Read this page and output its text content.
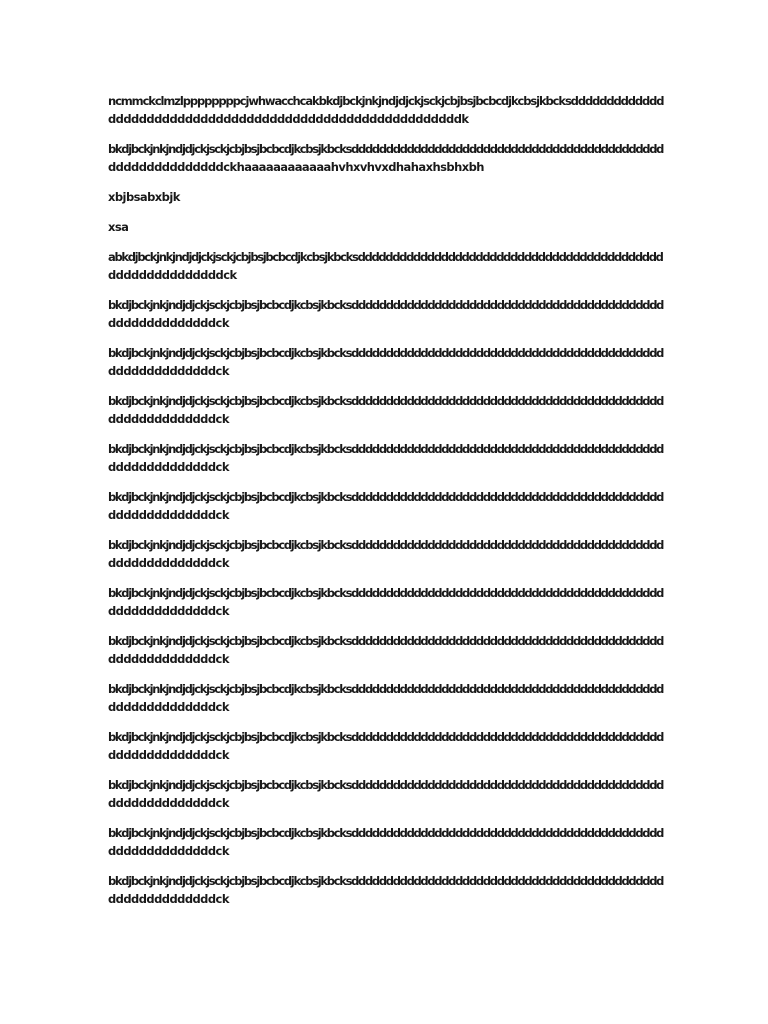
ncmmckclmzlppppppppcjwhwacchcakbkdjbckjnkjndjdjckjsckjcbjbsjbcbcdjkcbsjkbcksddddddddddddd
ddddddddddddddddddddddddddddddddddddddddddddddk

bkdjbckjnkjndjdjckjsckjcbjbsjbcbcdjkcbsjkbcksddddddddddddddddddddddddddddddddddddddddddddd
dddddddddddddddckhaaaaaaaaaaaahvhxvhvxdhahaxhsbhxbh

xbjbsabxbjk

xsa

abkdjbckjnkjndjdjckjsckjcbjbsjbcbcdjkcbsjkbcksdddddddddddddddddddddddddddddddddddddddddddd
dddddddddddddddck

bkdjbckjnkjndjdjckjsckjcbjbsjbcbcdjkcbsjkbcksddddddddddddddddddddddddddddddddddddddddddddd
ddddddddddddddck

bkdjbckjnkjndjdjckjsckjcbjbsjbcbcdjkcbsjkbcksddddddddddddddddddddddddddddddddddddddddddddd
ddddddddddddddck

bkdjbckjnkjndjdjckjsckjcbjbsjbcbcdjkcbsjkbcksddddddddddddddddddddddddddddddddddddddddddddd
ddddddddddddddck

bkdjbckjnkjndjdjckjsckjcbjbsjbcbcdjkcbsjkbcksddddddddddddddddddddddddddddddddddddddddddddd
ddddddddddddddck

bkdjbckjnkjndjdjckjsckjcbjbsjbcbcdjkcbsjkbcksddddddddddddddddddddddddddddddddddddddddddddd
ddddddddddddddck

bkdjbckjnkjndjdjckjsckjcbjbsjbcbcdjkcbsjkbcksddddddddddddddddddddddddddddddddddddddddddddd
ddddddddddddddck

bkdjbckjnkjndjdjckjsckjcbjbsjbcbcdjkcbsjkbcksddddddddddddddddddddddddddddddddddddddddddddd
ddddddddddddddck

bkdjbckjnkjndjdjckjsckjcbjbsjbcbcdjkcbsjkbcksddddddddddddddddddddddddddddddddddddddddddddd
ddddddddddddddck

bkdjbckjnkjndjdjckjsckjcbjbsjbcbcdjkcbsjkbcksddddddddddddddddddddddddddddddddddddddddddddd
ddddddddddddddck

bkdjbckjnkjndjdjckjsckjcbjbsjbcbcdjkcbsjkbcksddddddddddddddddddddddddddddddddddddddddddddd
ddddddddddddddck

bkdjbckjnkjndjdjckjsckjcbjbsjbcbcdjkcbsjkbcksddddddddddddddddddddddddddddddddddddddddddddd
ddddddddddddddck

bkdjbckjnkjndjdjckjsckjcbjbsjbcbcdjkcbsjkbcksddddddddddddddddddddddddddddddddddddddddddddd
ddddddddddddddck

bkdjbckjnkjndjdjckjsckjcbjbsjbcbcdjkcbsjkbcksddddddddddddddddddddddddddddddddddddddddddddd
ddddddddddddddck
